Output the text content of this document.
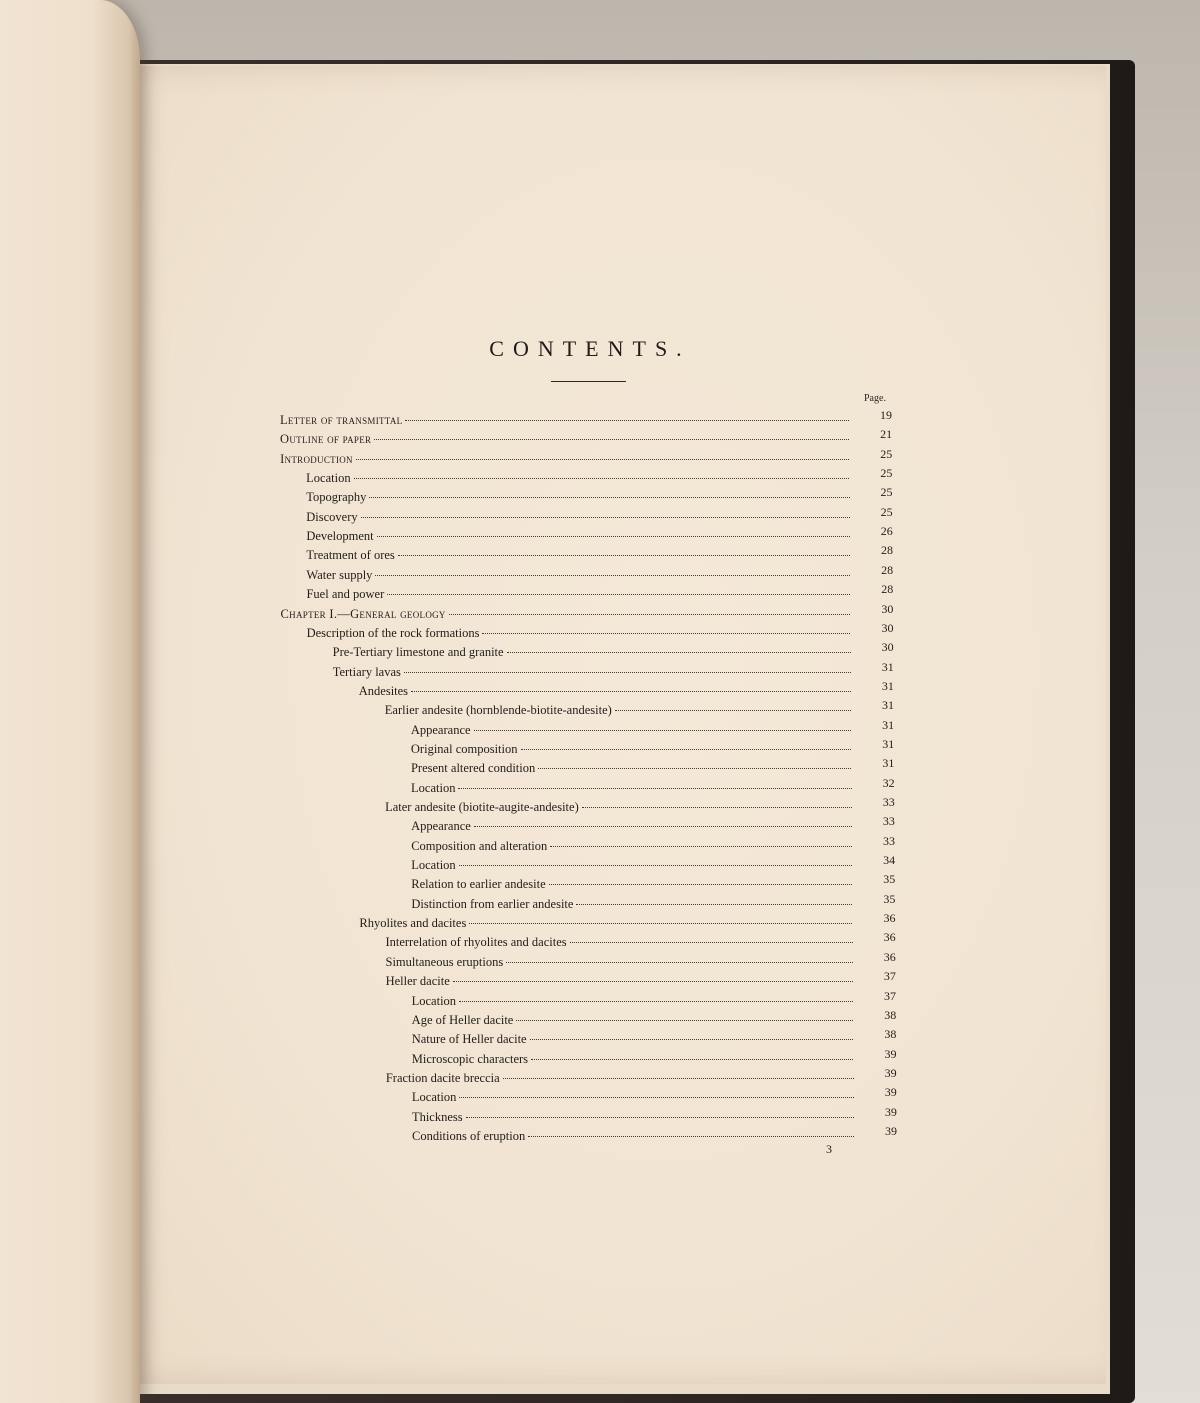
CONTENTS.
Page.
Letter of transmittal	19
Outline of paper	21
Introduction	25
Location	25
Topography	25
Discovery	25
Development	26
Treatment of ores	28
Water supply	28
Fuel and power	28
Chapter I.—General geology	30
Description of the rock formations	30
Pre-Tertiary limestone and granite	30
Tertiary lavas	31
Andesites	31
Earlier andesite (hornblende-biotite-andesite)	31
Appearance	31
Original composition	31
Present altered condition	31
Location	32
Later andesite (biotite-augite-andesite)	33
Appearance	33
Composition and alteration	33
Location	34
Relation to earlier andesite	35
Distinction from earlier andesite	35
Rhyolites and dacites	36
Interrelation of rhyolites and dacites	36
Simultaneous eruptions	36
Heller dacite	37
Location	37
Age of Heller dacite	38
Nature of Heller dacite	38
Microscopic characters	39
Fraction dacite breccia	39
Location	39
Thickness	39
Conditions of eruption	39
3
